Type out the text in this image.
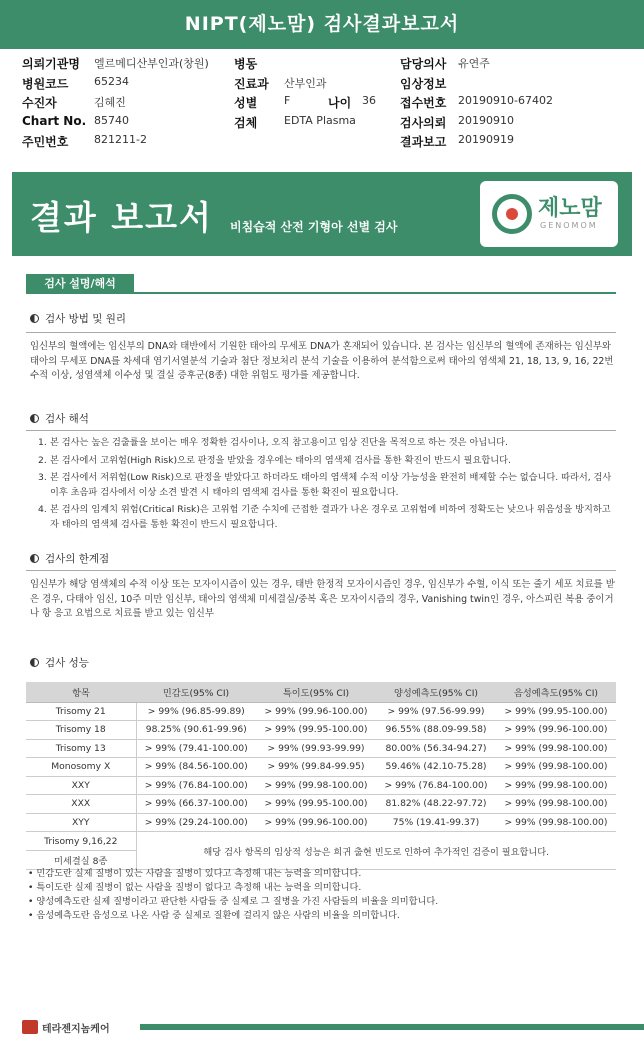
NIPT(제노맘) 검사결과보고서
의뢰기관명 엘르메디산부인과(창원) 병동	담당의사 유연주
병원코드 65234	진료과 산부인과	임상정보
수진자	김혜진	성별 F	나이 36 접수번호 20190910-67402
Chart No. 85740	검체 EDTA Plasma	검사의뢰 20190910
주민번호 821211-2	결과보고 20190919
결과 보고서 비침습적 산전 기형아 선별 검사
제노맘
GENOMOM
검사 설명/해석
검사 방법 및 원리
임신부의 혈액에는 임신부의 DNA와 태반에서 기원한 태아의 무세포 DNA가 혼재되어 있습니다. 본 검사는 임신부의 혈액에 존재하는 임신부와 태아의 무세포 DNA를 차세대 염기서열분석 기술과 첨단 정보처리 분석 기술을 이용하여 분석함으로써 태아의 염색체 21, 18, 13, 9, 16, 22번 수적 이상, 성염색체 이수성 및 결실 증후군(8종) 대한 위험도 평가를 제공합니다.
검사 해석
1. 본 검사는 높은 검출률을 보이는 매우 정확한 검사이나, 오직 참고용이고 임상 진단을 목적으로 하는 것은 아닙니다.
2. 본 검사에서 고위험(High Risk)으로 판정을 받았을 경우에는 태아의 염색체 검사를 통한 확진이 반드시 필요합니다.
3. 본 검사에서 저위험(Low Risk)으로 판정을 받았다고 하더라도 태아의 염색체 수적 이상 가능성을 완전히 배제할 수는 없습니다. 따라서, 검사 이후 초음파 검사에서 이상 소견 발견 시 태아의 염색체 검사를 통한 확진이 필요합니다.
4. 본 검사의 임계치 위험(Critical Risk)은 고위험 기준 수치에 근접한 결과가 나온 경우로 고위험에 비하여 정확도는 낮으나 위음성을 방지하고자 태아의 염색체 검사를 통한 확진이 반드시 필요합니다.
검사의 한계점
임신부가 해당 염색체의 수적 이상 또는 모자이시즘이 있는 경우, 태반 한정적 모자이시즘인 경우, 임신부가 수혈, 이식 또는 줄기 세포 치료를 받은 경우, 다태아 임신, 10주 미만 임신부, 태아의 염색체 미세결실/중복 혹은 모자이시즘의 경우, Vanishing twin인 경우, 아스피린 복용 중이거나 항 응고 요법으로 치료를 받고 있는 임신부
검사 성능
항목	민감도(95% CI)	특이도(95% CI)	양성예측도(95% CI)	음성예측도(95% CI)
Trisomy 21	> 99% (96.85-99.89)	> 99% (99.96-100.00)	> 99% (97.56-99.99)	> 99% (99.95-100.00)
Trisomy 18	98.25% (90.61-99.96)	> 99% (99.95-100.00)	96.55% (88.09-99.58)	> 99% (99.96-100.00)
Trisomy 13	> 99% (79.41-100.00)	> 99% (99.93-99.99)	80.00% (56.34-94.27)	> 99% (99.98-100.00)
Monosomy X	> 99% (84.56-100.00)	> 99% (99.84-99.95)	59.46% (42.10-75.28)	> 99% (99.98-100.00)
XXY	> 99% (76.84-100.00)	> 99% (99.98-100.00)	> 99% (76.84-100.00)	> 99% (99.98-100.00)
XXX	> 99% (66.37-100.00)	> 99% (99.95-100.00)	81.82% (48.22-97.72)	> 99% (99.98-100.00)
XYY	> 99% (29.24-100.00)	> 99% (99.96-100.00)	75% (19.41-99.37)	> 99% (99.98-100.00)
Trisomy 9,16,22	해당 검사 항목의 임상적 성능은 희귀 출현 빈도로 인하여 추가적인 검증이 필요합니다.			
미세결실 8종				
• 민감도란 실제 질병이 있는 사람을 질병이 있다고 측정해 내는 능력을 의미합니다.
• 특이도란 실제 질병이 없는 사람을 질병이 없다고 측정해 내는 능력을 의미합니다.
• 양성예측도란 실제 질병이라고 판단한 사람들 중 실제로 그 질병을 가진 사람들의 비율을 의미합니다.
• 음성예측도란 음성으로 나온 사람 중 실제로 질환에 걸리지 않은 사람의 비율을 의미합니다.
테라젠지놈케어
